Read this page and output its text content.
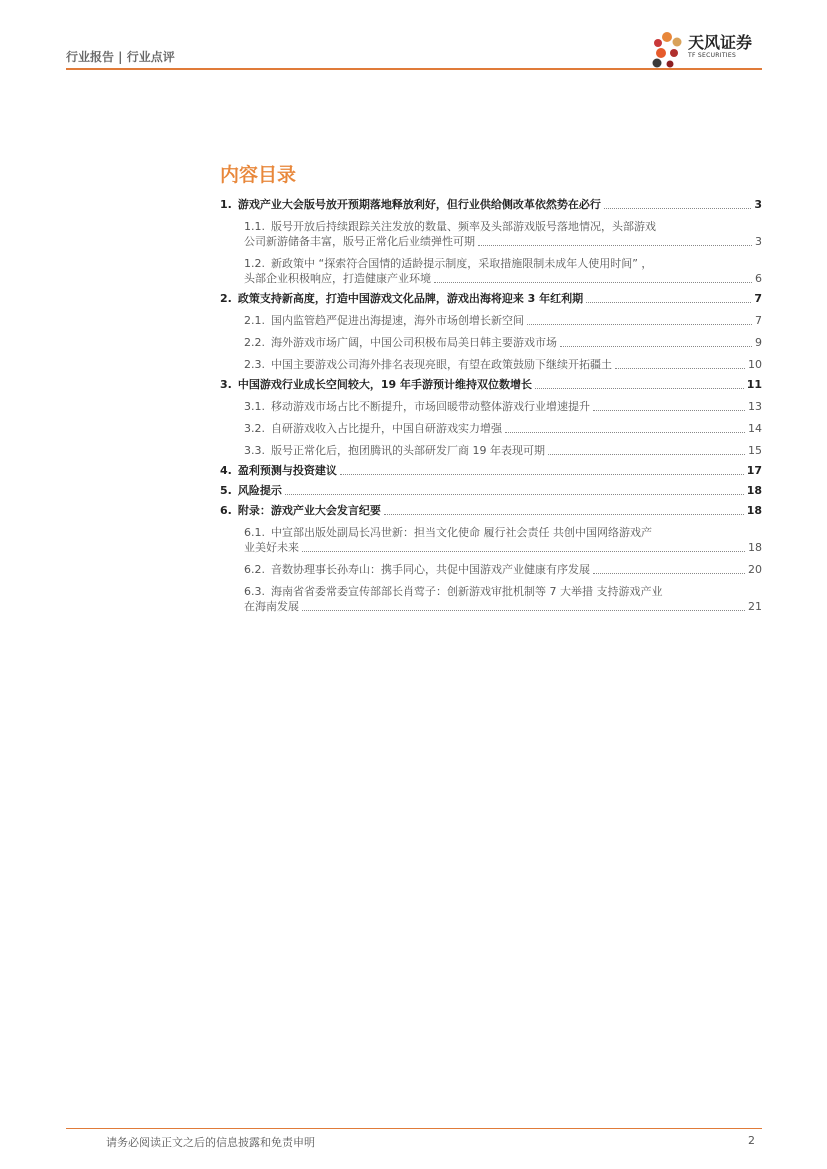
行业报告 | 行业点评
天风证券
TF SECURITIES
内容目录
1. 游戏产业大会版号放开预期落地释放利好，但行业供给侧改革依然势在必行	3
1.1. 版号开放后持续跟踪关注发放的数量、频率及头部游戏版号落地情况，头部游戏
公司新游储备丰富，版号正常化后业绩弹性可期	3
1.2. 新政策中 “探索符合国情的适龄提示制度，采取措施限制未成年人使用时间” ，
头部企业积极响应，打造健康产业环境	6
2. 政策支持新高度，打造中国游戏文化品牌，游戏出海将迎来 3 年红利期	7
2.1. 国内监管趋严促进出海提速，海外市场创增长新空间	7
2.2. 海外游戏市场广阔，中国公司积极布局美日韩主要游戏市场	9
2.3. 中国主要游戏公司海外排名表现亮眼，有望在政策鼓励下继续开拓疆土	10
3. 中国游戏行业成长空间较大，19 年手游预计维持双位数增长	11
3.1. 移动游戏市场占比不断提升，市场回暖带动整体游戏行业增速提升	13
3.2. 自研游戏收入占比提升，中国自研游戏实力增强	14
3.3. 版号正常化后，抱团腾讯的头部研发厂商 19 年表现可期	15
4. 盈利预测与投资建议	17
5. 风险提示	18
6. 附录：游戏产业大会发言纪要	18
6.1. 中宣部出版处副局长冯世新：担当文化使命 履行社会责任 共创中国网络游戏产
业美好未来	18
6.2. 音数协理事长孙寿山：携手同心，共促中国游戏产业健康有序发展	20
6.3. 海南省省委常委宣传部部长肖莺子：创新游戏审批机制等 7 大举措 支持游戏产业
在海南发展	21
请务必阅读正文之后的信息披露和免责申明	2
